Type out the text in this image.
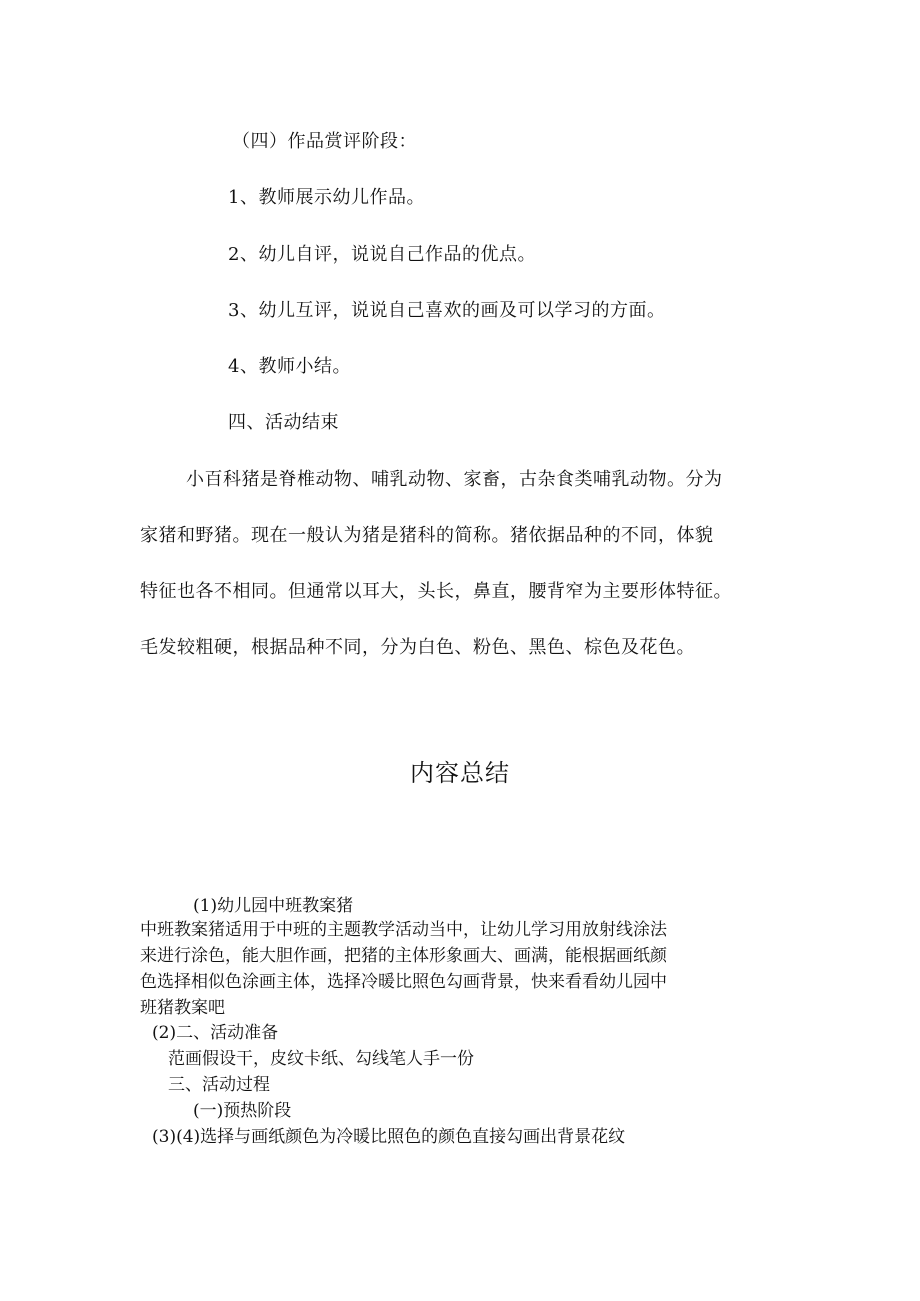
（四）作品赏评阶段：
1、教师展示幼儿作品。
2、幼儿自评，说说自己作品的优点。
3、幼儿互评，说说自己喜欢的画及可以学习的方面。
4、教师小结。
四、活动结束
小百科猪是脊椎动物、哺乳动物、家畜，古杂食类哺乳动物。分为
家猪和野猪。现在一般认为猪是猪科的简称。猪依据品种的不同，体貌
特征也各不相同。但通常以耳大，头长，鼻直，腰背窄为主要形体特征。
毛发较粗硬，根据品种不同，分为白色、粉色、黑色、棕色及花色。
内容总结
(1)幼儿园中班教案猪
中班教案猪适用于中班的主题教学活动当中，让幼儿学习用放射线涂法
来进行涂色，能大胆作画，把猪的主体形象画大、画满，能根据画纸颜
色选择相似色涂画主体，选择冷暖比照色勾画背景，快来看看幼儿园中
班猪教案吧
(2)二、活动准备
范画假设干，皮纹卡纸、勾线笔人手一份
三、活动过程
(一)预热阶段
(3)(4)选择与画纸颜色为冷暖比照色的颜色直接勾画出背景花纹
